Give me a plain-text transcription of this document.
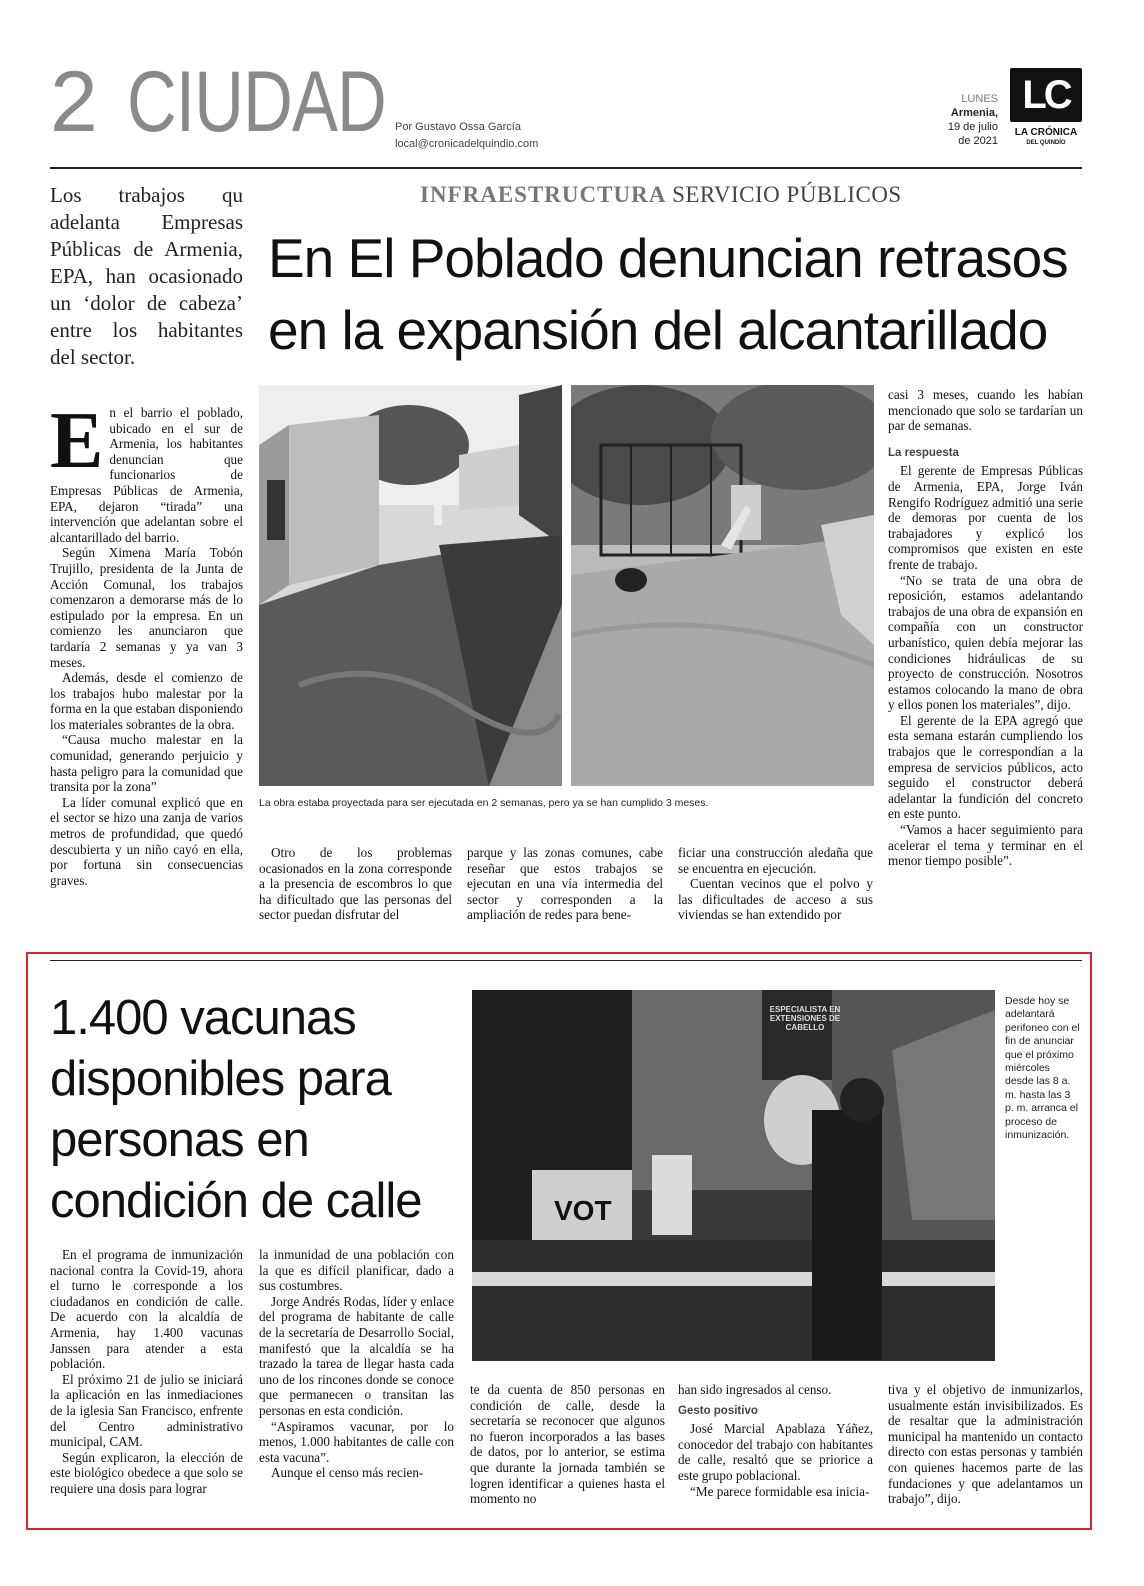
2 CIUDAD Por Gustavo Ossa García
local@cronicadelquindio.com
LUNES
Armenia,
19 de julio
de 2021
LC
LA CRÓNICA
DEL QUINDÍO
INFRAESTRUCTURA SERVICIO PÚBLICOS
En El Poblado denuncian retrasos
en la expansión del alcantarillado
Los trabajos qu adelanta Empresas Públicas de Armenia, EPA, han ocasionado un ‘dolor de cabeza’ entre los habitantes del sector.
E n el barrio el poblado, ubicado en el sur de Armenia, los habitantes denuncian que funcionarios de Empresas Públicas de Armenia, EPA, dejaron “tirada” una intervención que adelantan sobre el alcantarillado del barrio.

Según Ximena María Tobón Trujillo, presidenta de la Junta de Acción Comunal, los trabajos comenzaron a demorarse más de lo estipulado por la empresa. En un comienzo les anunciaron que tardaría 2 semanas y ya van 3 meses.

Además, desde el comienzo de los trabajos hubo malestar por la forma en la que estaban disponiendo los materiales sobrantes de la obra.

“Causa mucho malestar en la comunidad, generando perjuicio y hasta peligro para la comunidad que transita por la zona”

La líder comunal explicó que en el sector se hizo una zanja de varios metros de profundidad, que quedó descubierta y un niño cayó en ella, por fortuna sin consecuencias graves.

La obra estaba proyectada para ser ejecutada en 2 semanas, pero ya se han cumplido 3 meses.

Otro de los problemas ocasionados en la zona corresponde a la presencia de escombros lo que ha dificultado que las personas del sector puedan disfrutar del

parque y las zonas comunes, cabe reseñar que estos trabajos se ejecutan en una vía intermedia del sector y corresponden a la ampliación de redes para bene-

ficiar una construcción aledaña que se encuentra en ejecución.

Cuentan vecinos que el polvo y las dificultades de acceso a sus viviendas se han extendido por

casi 3 meses, cuando les habían mencionado que solo se tardarían un par de semanas.

La respuesta

El gerente de Empresas Públicas de Armenia, EPA, Jorge Iván Rengifo Rodríguez admitió una serie de demoras por cuenta de los trabajadores y explicó los compromisos que existen en este frente de trabajo.

“No se trata de una obra de reposición, estamos adelantando trabajos de una obra de expansión en compañía con un constructor urbanístico, quien debía mejorar las condiciones hidráulicas de su proyecto de construcción. Nosotros estamos colocando la mano de obra y ellos ponen los materiales”, dijo.

El gerente de la EPA agregó que esta semana estarán cumpliendo los trabajos que le correspondían a la empresa de servicios públicos, acto seguido el constructor deberá adelantar la fundición del concreto en este punto.

“Vamos a hacer seguimiento para acelerar el tema y terminar en el menor tiempo posible”.

1.400 vacunas
disponibles para
personas en
condición de calle	VOT
ESPECIALISTA EN EXTENSIONES DE CABELLO
Desde hoy se adelantará perifoneo con el fin de anunciar que el próximo miércoles desde las 8 a. m. hasta las 3 p. m. arranca el proceso de inmunización.

En el programa de inmunización nacional contra la Covid-19, ahora el turno le corresponde a los ciudadanos en condición de calle. De acuerdo con la alcaldía de Armenia, hay 1.400 vacunas Janssen para atender a esta población.

El próximo 21 de julio se iniciará la aplicación en las inmediaciones de la iglesia San Francisco, enfrente del Centro administrativo municipal, CAM.

Según explicaron, la elección de este biológico obedece a que solo se requiere una dosis para lograr

la inmunidad de una población con la que es difícil planificar, dado a sus costumbres.

Jorge Andrés Rodas, líder y enlace del programa de habitante de calle de la secretaría de Desarrollo Social, manifestó que la alcaldía se ha trazado la tarea de llegar hasta cada uno de los rincones donde se conoce que permanecen o transitan las personas en esta condición.

“Aspiramos vacunar, por lo menos, 1.000 habitantes de calle con esta vacuna”.

Aunque el censo más recien-

te da cuenta de 850 personas en condición de calle, desde la secretaría se reconocer que algunos no fueron incorporados a las bases de datos, por lo anterior, se estima que durante la jornada también se logren identificar a quienes hasta el momento no

han sido ingresados al censo.

Gesto positivo

José Marcial Apablaza Yáñez, conocedor del trabajo con habitantes de calle, resaltó que se priorice a este grupo poblacional.

“Me parece formidable esa inicia-

tiva y el objetivo de inmunizarlos, usualmente están invisibilizados. Es de resaltar que la administración municipal ha mantenido un contacto directo con estas personas y también con quienes hacemos parte de las fundaciones y que adelantamos un trabajo”, dijo.
